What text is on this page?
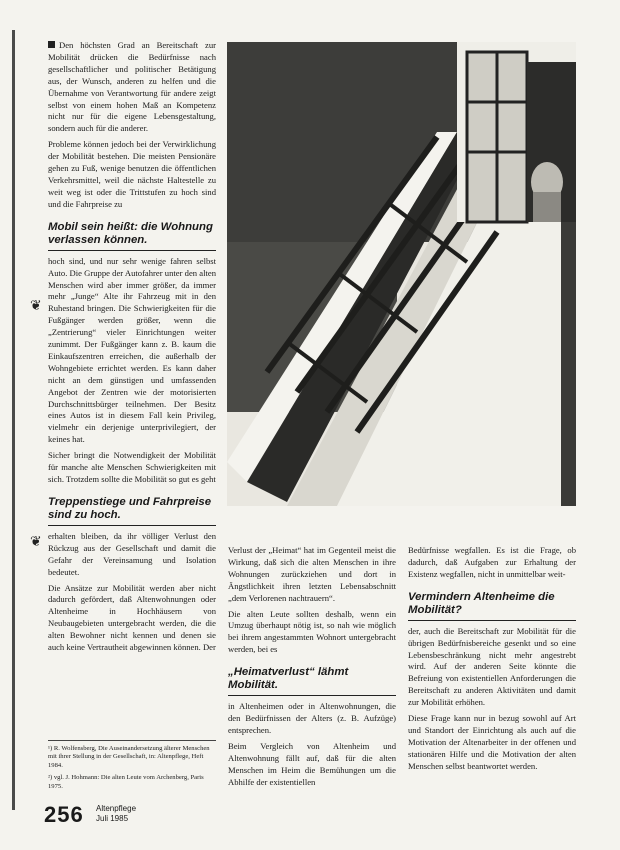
❦
❦

Den höchsten Grad an Bereitschaft zur Mobilität drücken die Bedürfnisse nach gesellschaftlicher und politischer Betätigung aus, der Wunsch, anderen zu helfen und die Übernahme von Verantwortung für andere zeigt selbst von einem hohen Maß an Kompetenz nicht nur für die eigene Lebensgestaltung, sondern auch für die anderer.

Probleme können jedoch bei der Verwirklichung der Mobilität bestehen. Die meisten Pensionäre gehen zu Fuß, wenige benutzen die öffentlichen Verkehrsmittel, weil die nächste Haltestelle zu weit weg ist oder die Trittstufen zu hoch sind und die Fahrpreise zu

Mobil sein heißt: die Wohnung verlassen können.

hoch sind, und nur sehr wenige fahren selbst Auto. Die Gruppe der Autofahrer unter den alten Menschen wird aber immer größer, da immer mehr „Junge“ Alte ihr Fahrzeug mit in den Ruhestand bringen. Die Schwierigkeiten für die Fußgänger werden größer, wenn die „Zentrierung“ vieler Einrichtungen weiter zunimmt. Der Fußgänger kann z. B. kaum die Einkaufszentren erreichen, die außerhalb der Wohngebiete errichtet werden. Es kann daher nicht an dem günstigen und umfassenden Angebot der Zentren wie der motorisierten Durchschnittsbürger teilnehmen. Der Besitz eines Autos ist in diesem Fall kein Privileg, vielmehr ein derjenige unterprivilegiert, der keines hat.

Sicher bringt die Notwendigkeit der Mobilität für manche alte Menschen Schwierigkeiten mit sich. Trotzdem sollte die Mobilität so gut es geht

Treppenstiege und Fahrpreise sind zu hoch.

erhalten bleiben, da ihr völliger Verlust den Rückzug aus der Gesellschaft und damit die Gefahr der Vereinsamung und Isolation bedeutet.

Die Ansätze zur Mobilität werden aber nicht dadurch gefördert, daß Altenwohnungen oder Altenheime in Hochhäusern von Neubaugebieten untergebracht werden, die die alten Bewohner nicht kennen und denen sie auch keine Vertrautheit abgewinnen können. Der

Verlust der „Heimat“ hat im Gegenteil meist die Wirkung, daß sich die alten Menschen in ihre Wohnungen zurückziehen und dort in Ängstlichkeit ihren letzten Lebensabschnitt „dem Verlorenen nachtrauern“.

Die alten Leute sollten deshalb, wenn ein Umzug überhaupt nötig ist, so nah wie möglich bei ihrem angestammten Wohnort untergebracht werden, bei es

„Heimatverlust“ lähmt Mobilität.

in Altenheimen oder in Altenwohnungen, die den Bedürfnissen der Alters (z. B. Aufzüge) entsprechen.

Beim Vergleich von Altenheim und Altenwohnung fällt auf, daß für die alten Menschen im Heim die Bemühungen um die Abhilfe der existentiellen

Bedürfnisse wegfallen. Es ist die Frage, ob dadurch, daß Aufgaben zur Erhaltung der Existenz wegfallen, nicht in unmittelbar weit-

Vermindern Altenheime die Mobilität?

der, auch die Bereitschaft zur Mobilität für die übrigen Bedürfnisbereiche gesenkt und so eine Lebensbeschränkung nicht mehr angestrebt wird. Auf der anderen Seite könnte die Befreiung von existentiellen Anforderungen die Bereitschaft zu anderen Aktivitäten und damit zur Mobilität erhöhen.

Diese Frage kann nur in bezug sowohl auf Art und Standort der Einrichtung als auch auf die Motivation der Altenarbeiter in der offenen und stationären Hilfe und die Motivation der alten Menschen selbst beantwortet werden.

¹) R. Wolfensberg, Die Auseinandersetzung älterer Menschen mit ihrer Stellung in der Gesellschaft, in: Altenpflege, Heft 1984.

²) vgl. J. Hohmann: Die alten Leute vom Archenberg, Paris 1975.

256 Altenpflege
Juli 1985
